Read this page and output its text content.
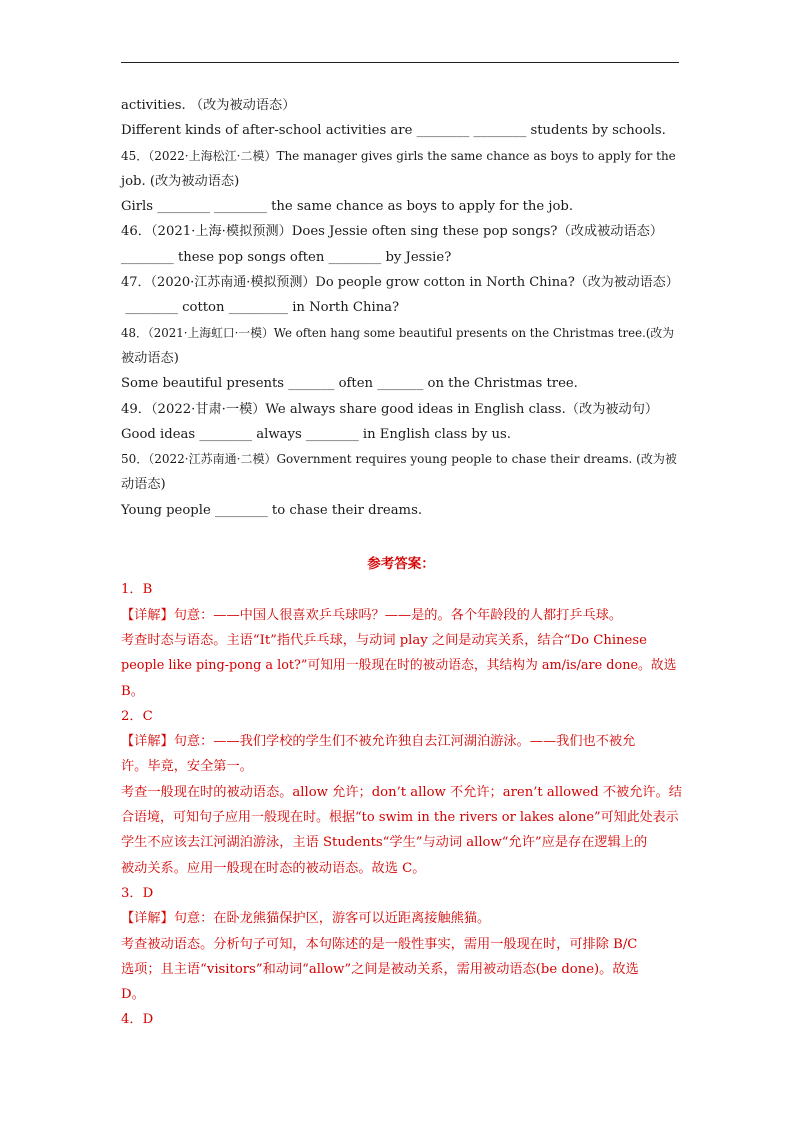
activities. （改为被动语态）
Different kinds of after-school activities are ________ ________ students by schools.
45．（2022·上海松江·二模）The manager gives girls the same chance as boys to apply for the
job. (改为被动语态)
Girls ________ ________ the same chance as boys to apply for the job.
46．（2021·上海·模拟预测）Does Jessie often sing these pop songs?（改成被动语态）
________ these pop songs often ________ by Jessie?
47．（2020·江苏南通·模拟预测）Do people grow cotton in North China?（改为被动语态）
________ cotton _________ in North China?
48．（2021·上海虹口·一模）We often hang some beautiful presents on the Christmas tree.(改为
被动语态)
Some beautiful presents _______ often _______ on the Christmas tree.
49．（2022·甘肃·一模）We always share good ideas in English class.（改为被动句）
Good ideas ________ always ________ in English class by us.
50．（2022·江苏南通·二模）Government requires young people to chase their dreams. (改为被
动语态)
Young people ________ to chase their dreams.
参考答案：
1．B
【详解】句意：——中国人很喜欢乒乓球吗？——是的。各个年龄段的人都打乒乓球。
考查时态与语态。主语“It”指代乒乓球，与动词 play 之间是动宾关系，结合“Do Chinese
people like ping-pong a lot?”可知用一般现在时的被动语态，其结构为 am/is/are done。故选
B。
2．C
【详解】句意：——我们学校的学生们不被允许独自去江河湖泊游泳。——我们也不被允
许。毕竟，安全第一。
考查一般现在时的被动语态。allow 允许；don’t allow 不允许；aren’t allowed 不被允许。结
合语境，可知句子应用一般现在时。根据“to swim in the rivers or lakes alone”可知此处表示
学生不应该去江河湖泊游泳，主语 Students“学生”与动词 allow“允许”应是存在逻辑上的
被动关系。应用一般现在时态的被动语态。故选 C。
3．D
【详解】句意：在卧龙熊猫保护区，游客可以近距离接触熊猫。
考查被动语态。分析句子可知，本句陈述的是一般性事实，需用一般现在时，可排除 B/C
选项；且主语“visitors”和动词“allow”之间是被动关系，需用被动语态(be done)。故选
D。
4．D
